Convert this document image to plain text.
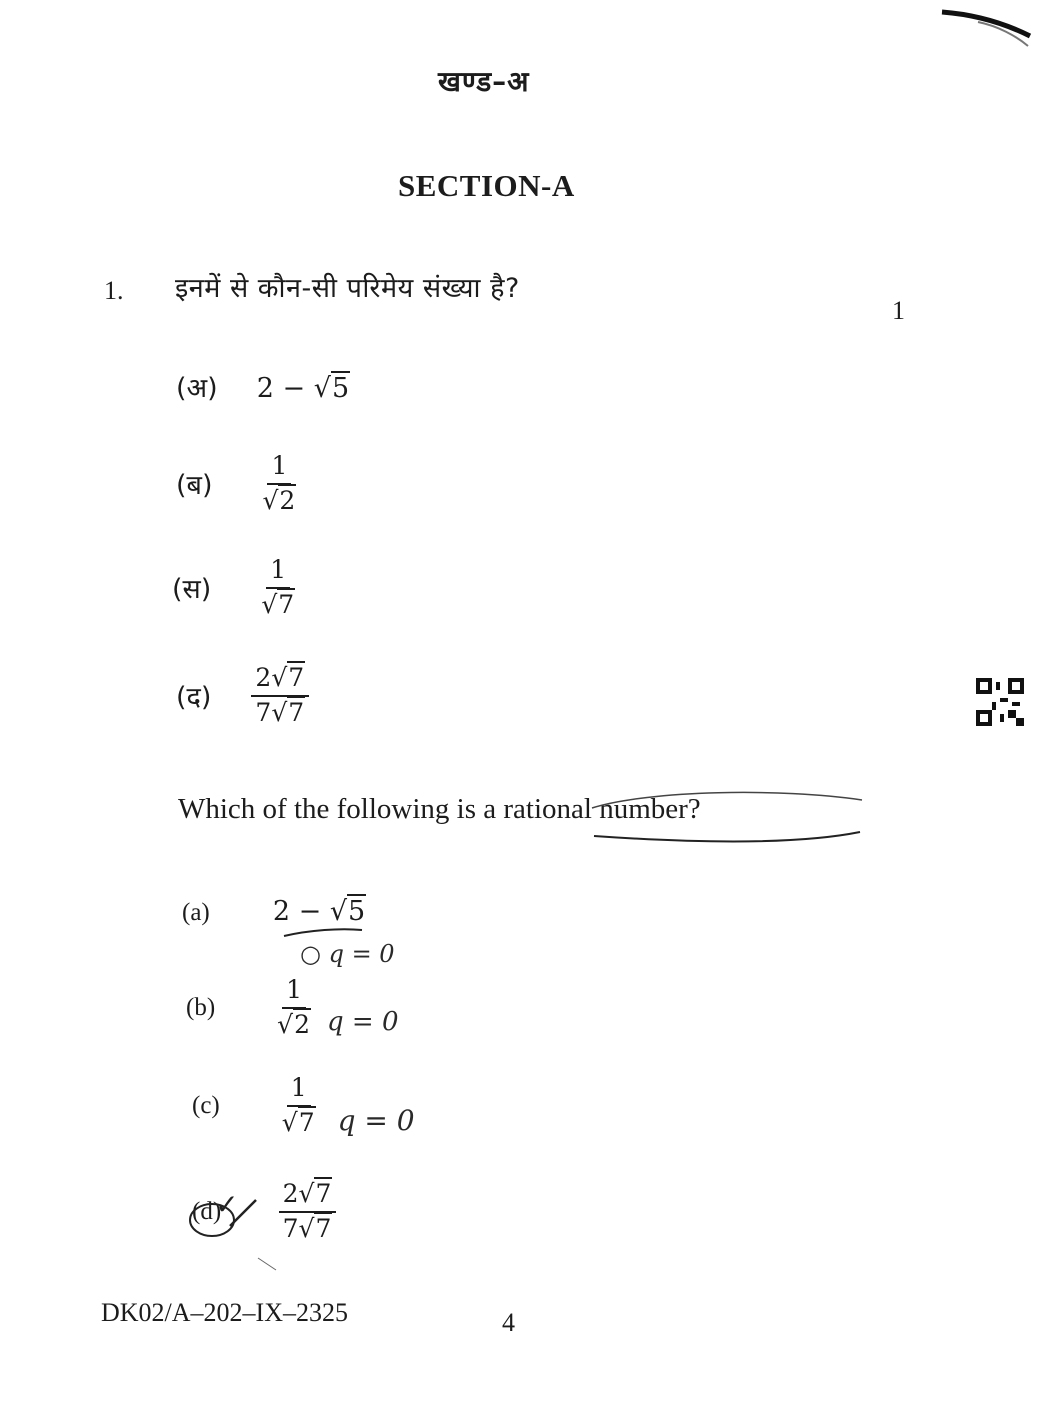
खण्ड–अ
SECTION-A
1. इनमें से कौन-सी परिमेय संख्या है?
1
(अ) 2 − √5
(ब) $\frac{1}{√2}$
(स) $\frac{1}{√7}$
(द) $\frac{2√7}{7√7}$
Which of the following is a rational number?
(a) 2 − √5
○ q = 0
$(b) \frac{1}{√2}$ q = 0
$(c) \frac{1}{√7}$ q = 0
(d)
✓ $\frac{2√7}{7√7}$
DK02/A–202–IX–2325	4
